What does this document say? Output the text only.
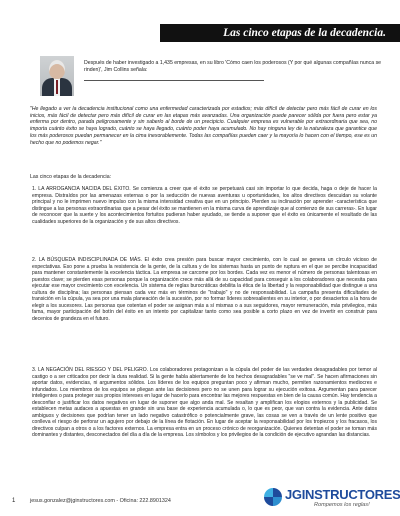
Las cinco etapas de la decadencia.
Después de haber investigado a 1,435 empresas, en su libro 'Cómo caen los poderosos (Y por qué algunas compañías nunca se rinden)', Jim Collins señala:
"He llegado a ver la decadencia institucional como una enfermedad caracterizada por estadios; más difícil de detectar pero más fácil de curar en los inicios, más fácil de detectar pero más difícil de curar en las etapas más avanzadas. Una organización puede parecer sólida por fuera pero estar ya enferma por dentro, parada peligrosamente y sin saberlo al borde de un precipicio. Cualquier empresa es vulnerable por extraordinaria que sea, no importa cuánto éxito se haya logrado, cuánto se haya llegado, cuánto poder haya acumulado. No hay ninguna ley de la naturaleza que garantice que los más poderosos puedan permanecer en la cima inexorablemente. Todas las compañías pueden caer y la mayoría lo hacen con el tiempo, ese es un hecho que no podemos negar."
Las cinco etapas de la decadencia:
1. LA ARROGANCIA NACIDA DEL ÉXITO. Se comienza a creer que el éxito se perpetuará casi sin importar lo que decida, haga o deje de hacer la empresa. Distraídos por las amenazas externas o por la seducción de nuevas aventuras u oportunidades, los altos directivos descuidan su volante principal y no le imprimen nuevo impulso con la misma intensidad creativa que en un principio. Pierden su inclinación por aprender -característica que distingue a las personas extraordinarias que a pesar del éxito se mantienen en la misma curva de aprendizaje que al comienzo de sus carreras-. En lugar de reconocer que la suerte y los acontecimientos fortuitos pudieran haber ayudado, se tiende a suponer que el éxito es únicamente el resultado de las cualidades superiores de la organización y de sus altos directivos.
2. LA BÚSQUEDA INDISCIPLINADA DE MÁS. El éxito crea presión para buscar mayor crecimiento, con lo cual se genera un círculo vicioso de expectativas. Eso pone a prueba la resistencia de la gente, de la cultura y de los sistemas hasta un punto de ruptura en el que se percibe incapacidad para mantener constantemente la excelencia táctica. La empresa se carcome por los bordes. Cada vez es menor el número de personas talentosas en puestos clave; se pierden esas personas porque la organización crece más allá de su capacidad para conseguir a los colaboradores que necesita para ejecutar ese mayor crecimiento con excelencia. Un sistema de reglas burocráticas debilita la ética de la libertad y la responsabilidad que distingue a una cultura de disciplina; las personas piensan cada vez más en términos de "trabajo" y no de responsabilidad. La campaña presenta dificultades de transición en la cúpula, ya sea por una mala planeación de la sucesión, por no formar líderes sobresalientes en su interior, o por desaciertos a la hora de elegir a los sucesores. Las personas que ostentan el poder se asignan más a sí mismas o a sus seguidores, mayor remuneración, más privilegios, más fama, mayor participación del botín del éxito en un intento por capitalizar tanto como sea posible a corto plazo en vez de invertir en construir para decenios de grandeza en el futuro.
3. LA NEGACIÓN DEL RIESGO Y DEL PELIGRO. Los colaboradores protagonizan a la cúpula del poder de las verdades desagradables por temor al castigo o a ser criticados por decir la dura realidad. Si la gente habla abiertamente de los hechos desagradables "se ve mal". Se hacen afirmaciones sin aportar datos, evidencias, ni argumentos sólidos. Los líderes de los equipos preguntan poco y afirman mucho, permiten razonamientos mediocres e infundados. Los miembros de los equipos se pliegan ante las decisiones pero no se unen para lograr su ejecución exitosa. Argumentan para parecer inteligentes o para proteger sus propios intereses en lugar de hacerlo para encontrar las mejores respuestas en bien de la causa común. Hay tendencia a desconfiar o justificar los datos negativos en lugar de suponer que algo anda mal. Se resaltan y amplifican los elogios externos y la publicidad. Se establecen metas audaces a apuestas en grande sin una base de experiencia acumulada o, lo que es peor, que van contra la evidencia. Ante datos ambiguos y decisiones que podrían tener un lado negativo catastrófico o potencialmente grave, las cosas se ven a través de un lente positivo que conlleva el riesgo de perforar un agujero por debajo de la línea de flotación. En lugar de aceptar la responsabilidad por los tropiezos y los fracasos, los directivos culpan a otros o a los factores externos. La empresa entra en un proceso crónico de reorganización. Quienes detentan el poder se toman más dominantes y distantes, desconectados del día a día de la empresa. Los símbolos y los privilegios de la condición de ejecutivo agrandan las distancias.
1	jesus.gonzalez@jginstructores.com - Oficina: 222.8901324	JGINSTRUCTORES
Rompemos los reglas!
